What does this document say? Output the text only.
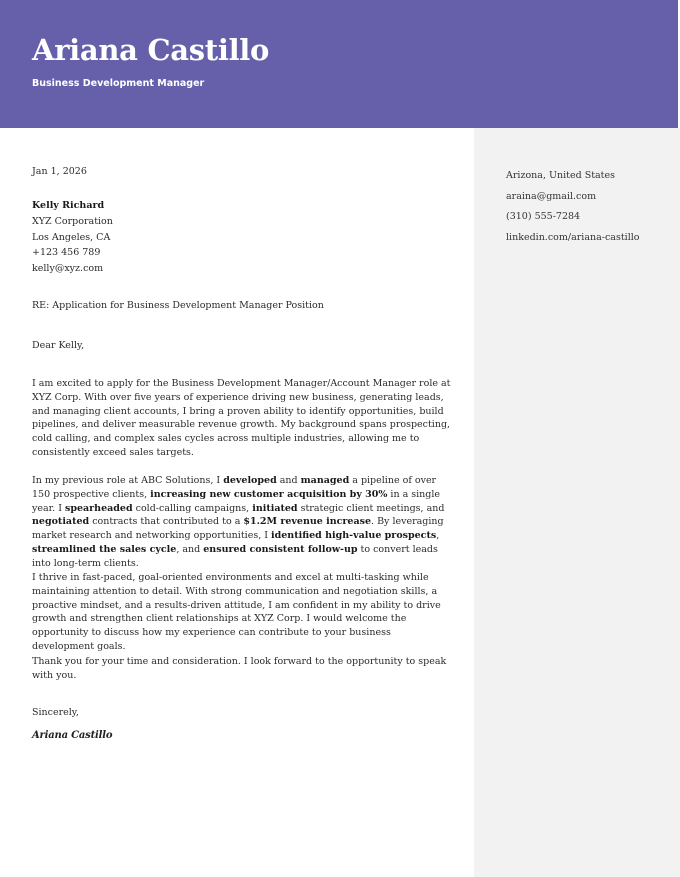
Ariana Castillo
Business Development Manager
Arizona, United States
araina@gmail.com
(310) 555-7284
linkedin.com/ariana-castillo
Jan 1, 2026
Kelly Richard
XYZ Corporation
Los Angeles, CA
+123 456 789
kelly@xyz.com
RE: Application for Business Development Manager Position
Dear Kelly,

I am excited to apply for the Business Development Manager/Account Manager role at XYZ Corp. With over five years of experience driving new business, generating leads, and managing client accounts, I bring a proven ability to identify opportunities, build pipelines, and deliver measurable revenue growth. My background spans prospecting, cold calling, and complex sales cycles across multiple industries, allowing me to consistently exceed sales targets.

In my previous role at ABC Solutions, I developed and managed a pipeline of over 150 prospective clients, increasing new customer acquisition by 30% in a single year. I spearheaded cold-calling campaigns, initiated strategic client meetings, and negotiated contracts that contributed to a $1.2M revenue increase. By leveraging market research and networking opportunities, I identified high-value prospects, streamlined the sales cycle, and ensured consistent follow-up to convert leads into long-term clients.

I thrive in fast-paced, goal-oriented environments and excel at multi-tasking while maintaining attention to detail. With strong communication and negotiation skills, a proactive mindset, and a results-driven attitude, I am confident in my ability to drive growth and strengthen client relationships at XYZ Corp. I would welcome the opportunity to discuss how my experience can contribute to your business development goals.

Thank you for your time and consideration. I look forward to the opportunity to speak with you.

Sincerely,
Ariana Castillo
